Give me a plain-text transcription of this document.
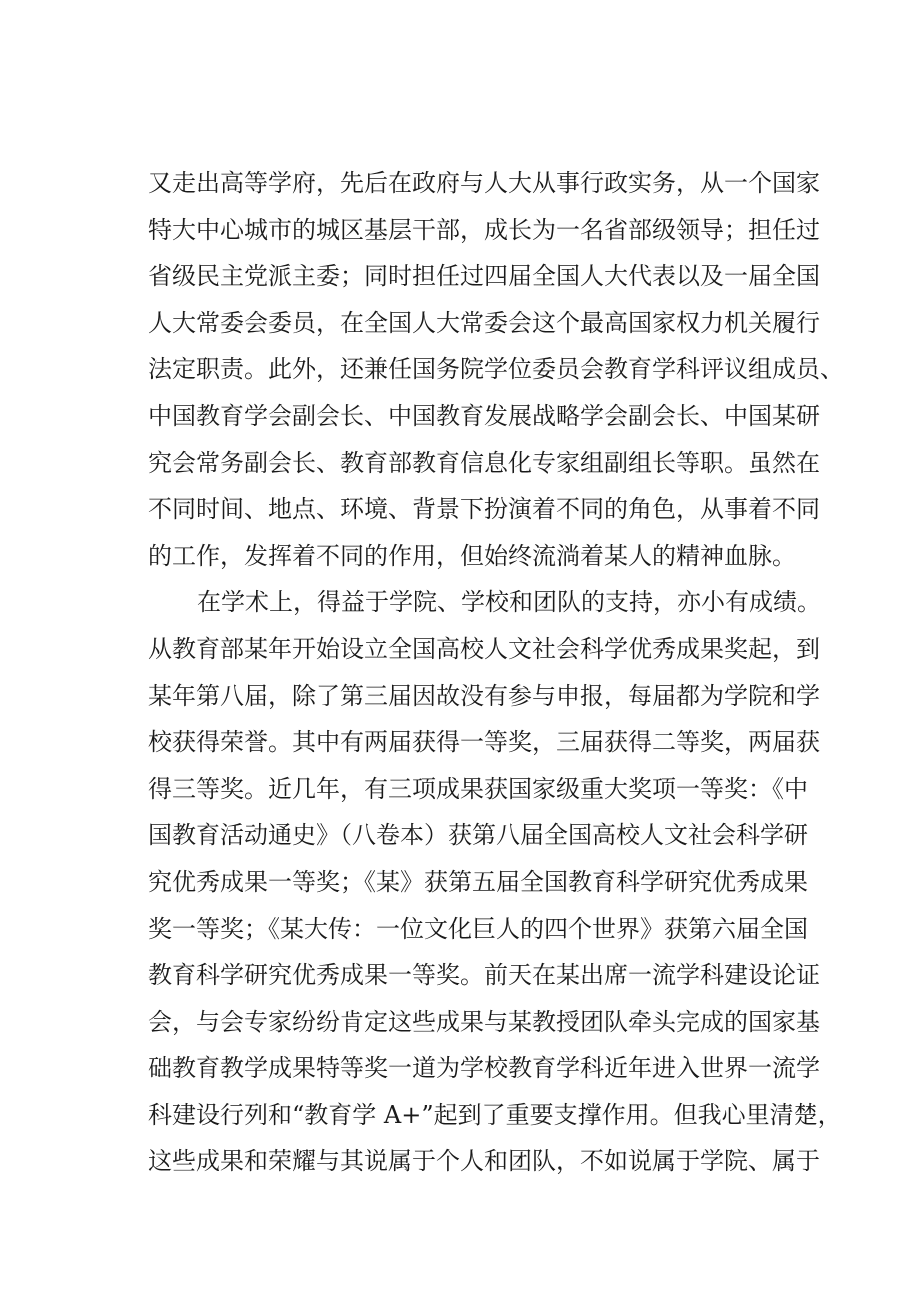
又走出高等学府，先后在政府与人大从事行政实务，从一个国家
特大中心城市的城区基层干部，成长为一名省部级领导；担任过
省级民主党派主委；同时担任过四届全国人大代表以及一届全国
人大常委会委员，在全国人大常委会这个最高国家权力机关履行
法定职责。此外，还兼任国务院学位委员会教育学科评议组成员、
中国教育学会副会长、中国教育发展战略学会副会长、中国某研
究会常务副会长、教育部教育信息化专家组副组长等职。虽然在
不同时间、地点、环境、背景下扮演着不同的角色，从事着不同
的工作，发挥着不同的作用，但始终流淌着某人的精神血脉。
在学术上，得益于学院、学校和团队的支持，亦小有成绩。
从教育部某年开始设立全国高校人文社会科学优秀成果奖起，到
某年第八届，除了第三届因故没有参与申报，每届都为学院和学
校获得荣誉。其中有两届获得一等奖，三届获得二等奖，两届获
得三等奖。近几年，有三项成果获国家级重大奖项一等奖：《中
国教育活动通史》（八卷本）获第八届全国高校人文社会科学研
究优秀成果一等奖；《某》获第五届全国教育科学研究优秀成果
奖一等奖；《某大传：一位文化巨人的四个世界》获第六届全国
教育科学研究优秀成果一等奖。前天在某出席一流学科建设论证
会，与会专家纷纷肯定这些成果与某教授团队牵头完成的国家基
础教育教学成果特等奖一道为学校教育学科近年进入世界一流学
科建设行列和“教育学 A+”起到了重要支撑作用。但我心里清楚，
这些成果和荣耀与其说属于个人和团队，不如说属于学院、属于
